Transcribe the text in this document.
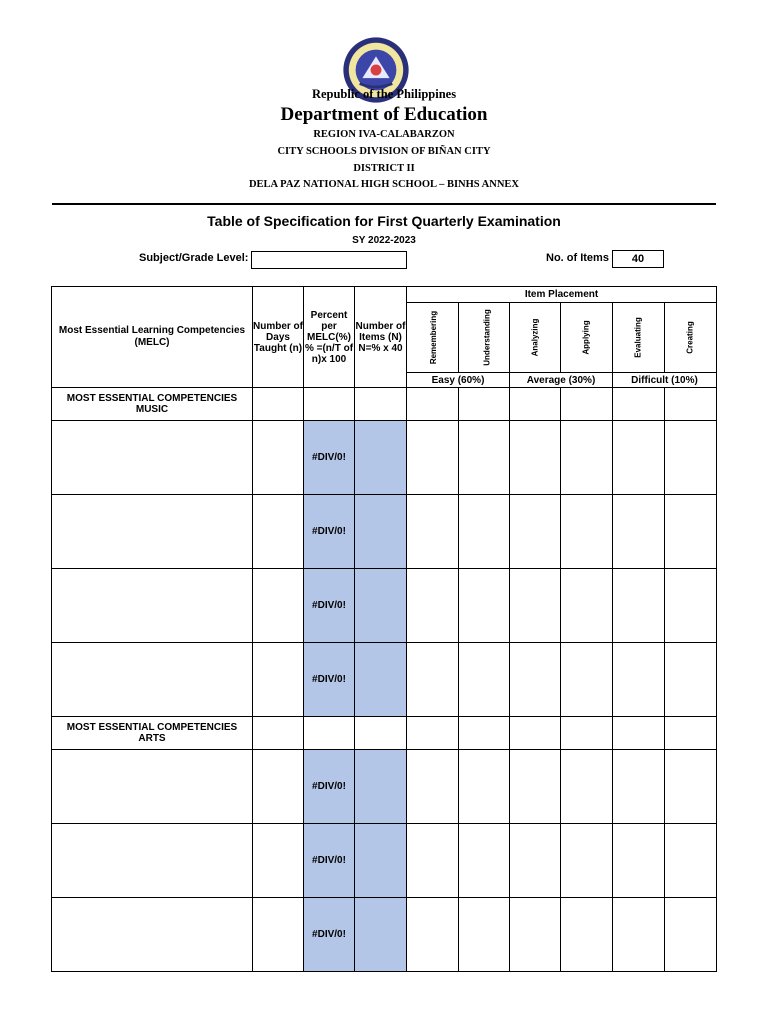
Republic of the Philippines
Department of Education
REGION IVA-CALABARZON
CITY SCHOOLS DIVISION OF BIÑAN CITY
DISTRICT II
DELA PAZ NATIONAL HIGH SCHOOL – BINHS ANNEX
Table of Specification for First Quarterly Examination
SY 2022-2023
Subject/Grade Level:	No. of Items	40
Most Essential Learning Competencies (MELC)	Number of Days Taught (n)	Percent per MELC(%) % =(n/T of n)x 100	Number of Items (N) N=% x 40	Item Placement					
				Remembering	Understanding	Analyzing	Applying	Evaluating	Creating
				Easy (60%)		Average (30%)		Difficult (10%)	
MOST ESSENTIAL COMPETENCIES MUSIC									
		#DIV/0!							
		#DIV/0!							
		#DIV/0!							
		#DIV/0!							
MOST ESSENTIAL COMPETENCIES ARTS									
		#DIV/0!							
		#DIV/0!							
		#DIV/0!							
